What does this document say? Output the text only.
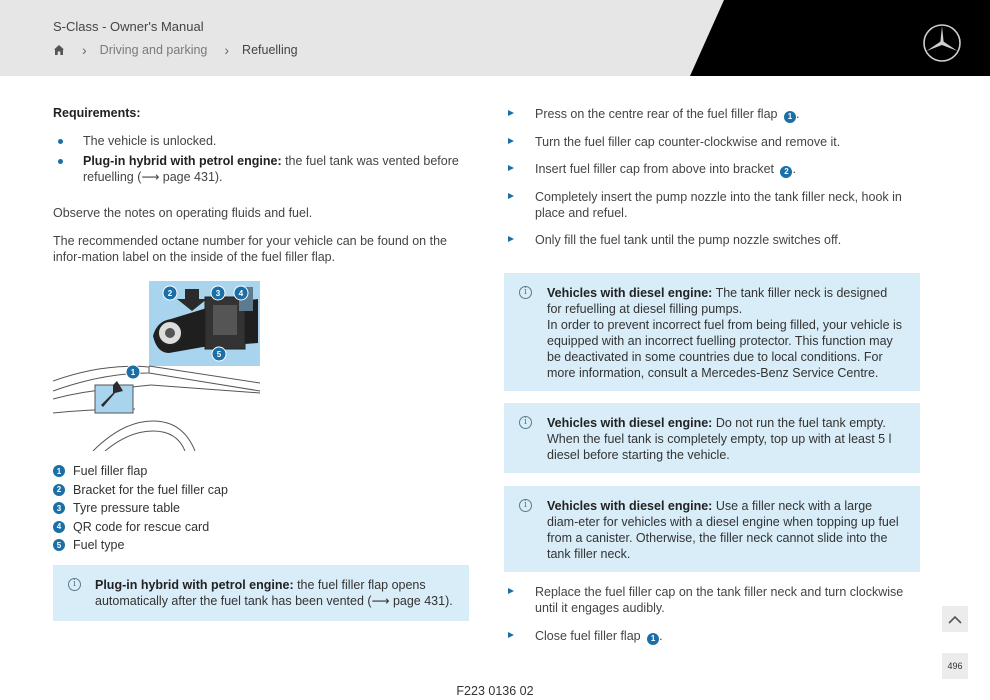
S-Class - Owner's Manual
› Driving and parking › Refuelling
Requirements:
The vehicle is unlocked.
Plug-in hybrid with petrol engine: the fuel tank was vented before refuelling (⟶ page 431).

Observe the notes on operating fluids and fuel.

The recommended octane number for your vehicle can be found on the infor-mation label on the inside of the fuel filler flap.

2	3 4
5
1
1 Fuel filler flap
2 Bracket for the fuel filler cap
3 Tyre pressure table
4 QR code for rescue card
5 Fuel type
i	Plug-in hybrid with petrol engine: the fuel filler flap opens automatically after the fuel tank has been vented (⟶ page 431).
Press on the centre rear of the fuel filler flap 1 .
Turn the fuel filler cap counter-clockwise and remove it.
Insert fuel filler cap from above into bracket 2 .
Completely insert the pump nozzle into the tank filler neck, hook in place and refuel.
Only fill the fuel tank until the pump nozzle switches off.
i	Vehicles with diesel engine: The tank filler neck is designed for refuelling at diesel filling pumps.
In order to prevent incorrect fuel from being filled, your vehicle is equipped with an incorrect fuelling protector. This function may be deactivated in some countries due to local conditions. For more information, consult a Mercedes-Benz Service Centre.
i	Vehicles with diesel engine: Do not run the fuel tank empty. When the fuel tank is completely empty, top up with at least 5 l diesel before starting the vehicle.
i	Vehicles with diesel engine: Use a filler neck with a large diam-eter for vehicles with a diesel engine when topping up fuel from a canister. Otherwise, the filler neck cannot slide into the tank filler neck.
Replace the fuel filler cap on the tank filler neck and turn clockwise until it engages audibly.
Close fuel filler flap 1 .
496
F223 0136 02
